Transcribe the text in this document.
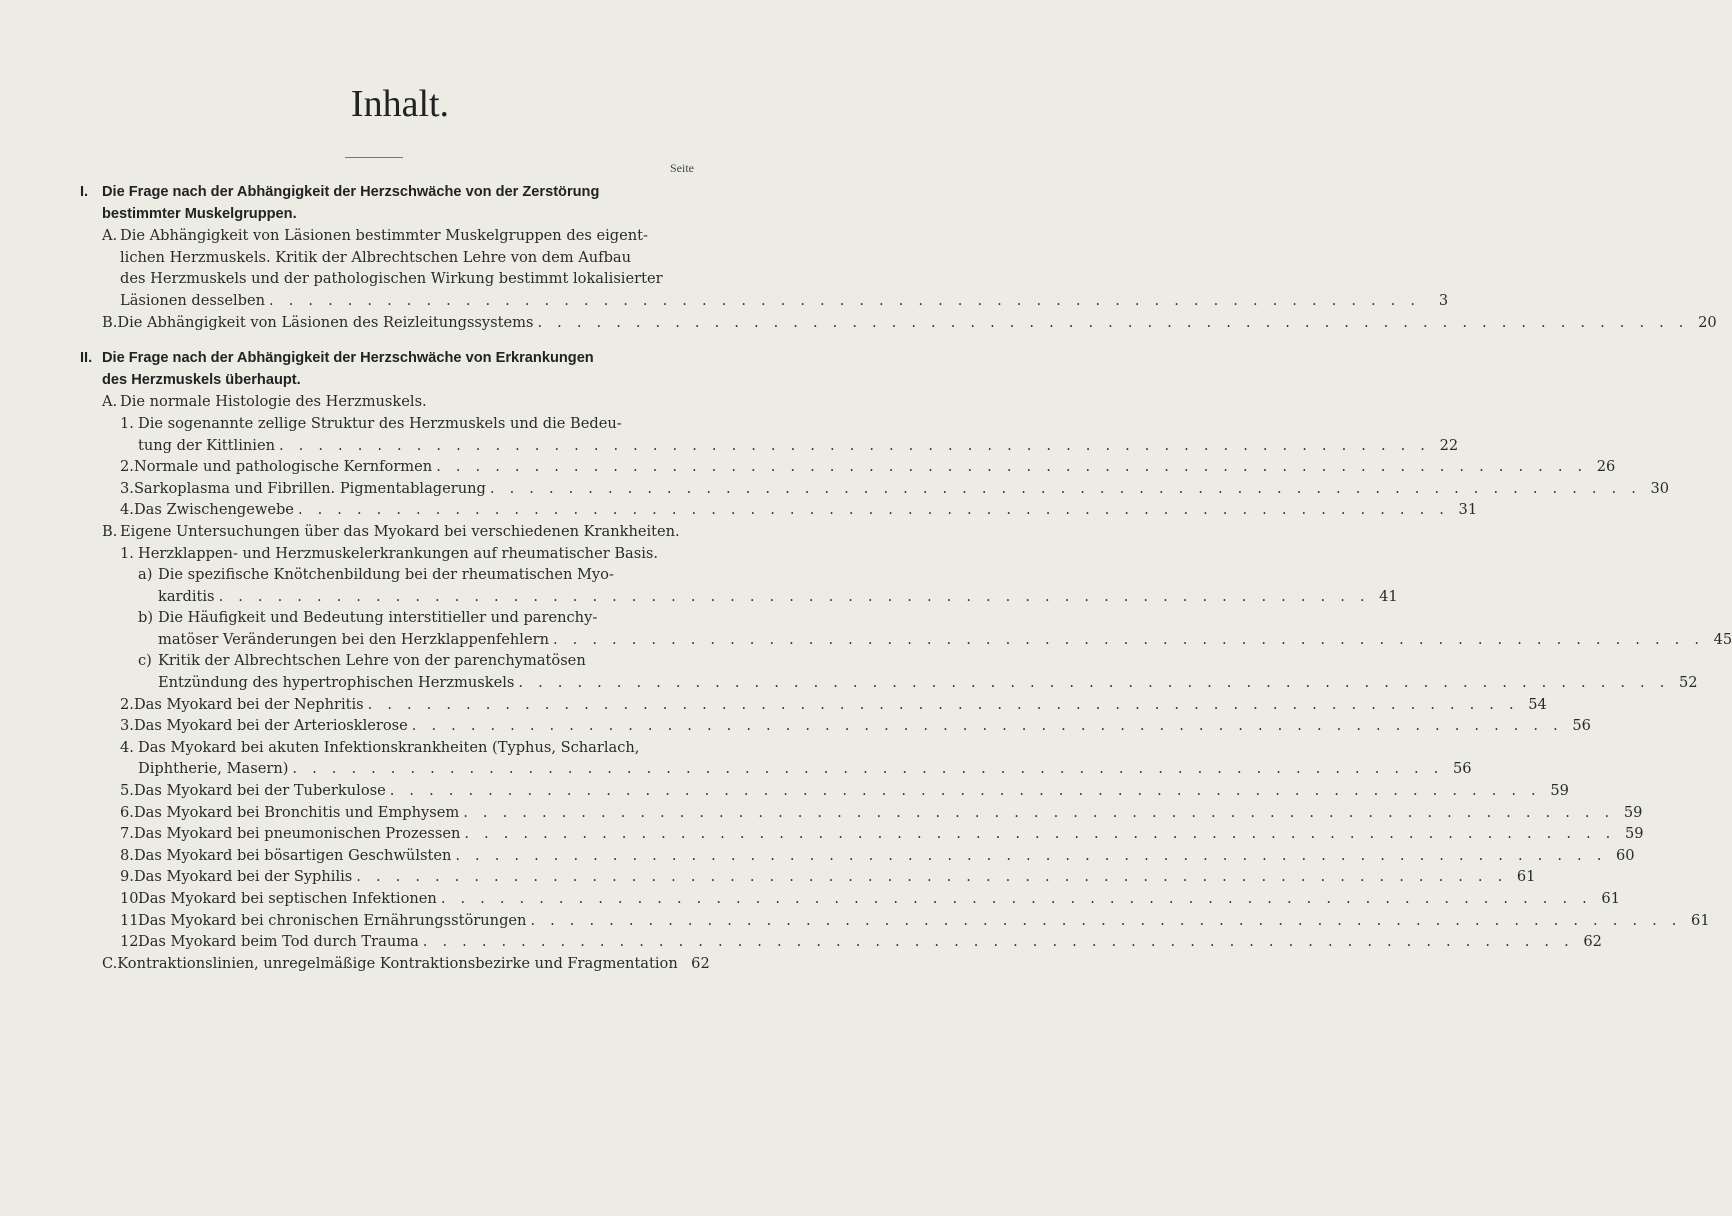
Inhalt.
Seite
I. Die Frage nach der Abhängigkeit der Herzschwäche von der Zerstörung
bestimmter Muskelgruppen.
A. Die Abhängigkeit von Läsionen bestimmter Muskelgruppen des eigent-
lichen Herzmuskels. Kritik der Albrechtschen Lehre von dem Aufbau
des Herzmuskels und der pathologischen Wirkung bestimmt lokalisierter
Läsionen desselben . . . . . . . . . . . . . . . . . . . . . . . . . . . . . . . . . . . . . . . . . . . . . . . . . . . . . . . . . . .	3
B. Die Abhängigkeit von Läsionen des Reizleitungssystems . . . . . . . . . . . . . . . . . . . . . . . . . . . . . . . . . . . . . . . . . . . . . . . . . . . . . . . . . . . 20
II. Die Frage nach der Abhängigkeit der Herzschwäche von Erkrankungen
des Herzmuskels überhaupt.
A. Die normale Histologie des Herzmuskels.
1. Die sogenannte zellige Struktur des Herzmuskels und die Bedeu-
tung der Kittlinien . . . . . . . . . . . . . . . . . . . . . . . . . . . . . . . . . . . . . . . . . . . . . . . . . . . . . . . . . . . 22
2. Normale und pathologische Kernformen . . . . . . . . . . . . . . . . . . . . . . . . . . . . . . . . . . . . . . . . . . . . . . . . . . . . . . . . . . . 26
3. Sarkoplasma und Fibrillen. Pigmentablagerung . . . . . . . . . . . . . . . . . . . . . . . . . . . . . . . . . . . . . . . . . . . . . . . . . . . . . . . . . . . 30
4. Das Zwischengewebe . . . . . . . . . . . . . . . . . . . . . . . . . . . . . . . . . . . . . . . . . . . . . . . . . . . . . . . . . . . 31
B. Eigene Untersuchungen über das Myokard bei verschiedenen Krankheiten.
1. Herzklappen- und Herzmuskelerkrankungen auf rheumatischer Basis.
a) Die spezifische Knötchenbildung bei der rheumatischen Myo-
karditis . . . . . . . . . . . . . . . . . . . . . . . . . . . . . . . . . . . . . . . . . . . . . . . . . . . . . . . . . . . 41
b) Die Häufigkeit und Bedeutung interstitieller und parenchy-
matöser Veränderungen bei den Herzklappenfehlern . . . . . . . . . . . . . . . . . . . . . . . . . . . . . . . . . . . . . . . . . . . . . . . . . . . . . . . . . . . 45
c) Kritik der Albrechtschen Lehre von der parenchymatösen
Entzündung des hypertrophischen Herzmuskels . . . . . . . . . . . . . . . . . . . . . . . . . . . . . . . . . . . . . . . . . . . . . . . . . . . . . . . . . . . 52
2. Das Myokard bei der Nephritis . . . . . . . . . . . . . . . . . . . . . . . . . . . . . . . . . . . . . . . . . . . . . . . . . . . . . . . . . . . 54
3. Das Myokard bei der Arteriosklerose . . . . . . . . . . . . . . . . . . . . . . . . . . . . . . . . . . . . . . . . . . . . . . . . . . . . . . . . . . . 56
4. Das Myokard bei akuten Infektionskrankheiten (Typhus, Scharlach,
Diphtherie, Masern) . . . . . . . . . . . . . . . . . . . . . . . . . . . . . . . . . . . . . . . . . . . . . . . . . . . . . . . . . . . 56
5. Das Myokard bei der Tuberkulose . . . . . . . . . . . . . . . . . . . . . . . . . . . . . . . . . . . . . . . . . . . . . . . . . . . . . . . . . . . 59
6. Das Myokard bei Bronchitis und Emphysem . . . . . . . . . . . . . . . . . . . . . . . . . . . . . . . . . . . . . . . . . . . . . . . . . . . . . . . . . . . 59
7. Das Myokard bei pneumonischen Prozessen . . . . . . . . . . . . . . . . . . . . . . . . . . . . . . . . . . . . . . . . . . . . . . . . . . . . . . . . . . . 59
8. Das Myokard bei bösartigen Geschwülsten . . . . . . . . . . . . . . . . . . . . . . . . . . . . . . . . . . . . . . . . . . . . . . . . . . . . . . . . . . . 60
9. Das Myokard bei der Syphilis . . . . . . . . . . . . . . . . . . . . . . . . . . . . . . . . . . . . . . . . . . . . . . . . . . . . . . . . . . . 61
10.
Das Myokard bei septischen Infektionen . . . . . . . . . . . . . . . . . . . . . . . . . . . . . . . . . . . . . . . . . . . . . . . . . . . . . . . . . . . 61
11.
Das Myokard bei chronischen Ernährungsstörungen . . . . . . . . . . . . . . . . . . . . . . . . . . . . . . . . . . . . . . . . . . . . . . . . . . . . . . . . . . . 61
12.
Das Myokard beim Tod durch Trauma . . . . . . . . . . . . . . . . . . . . . . . . . . . . . . . . . . . . . . . . . . . . . . . . . . . . . . . . . . . 62
C. Kontraktionslinien, unregelmäßige Kontraktionsbezirke und Fragmentation 62
